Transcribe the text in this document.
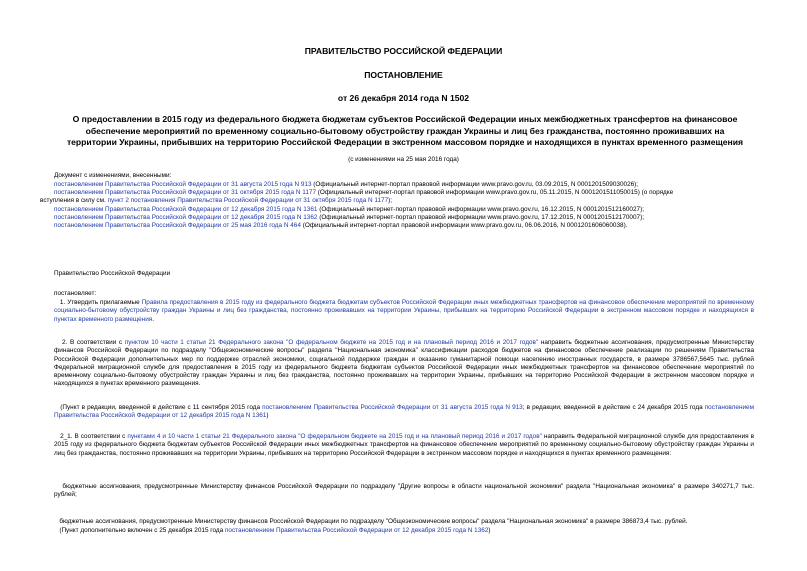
ПРАВИТЕЛЬСТВО РОССИЙСКОЙ ФЕДЕРАЦИИ
ПОСТАНОВЛЕНИЕ
от 26 декабря 2014 года N 1502
О предоставлении в 2015 году из федерального бюджета бюджетам субъектов Российской Федерации иных межбюджетных трансфертов на финансовое обеспечение мероприятий по временному социально-бытовому обустройству граждан Украины и лиц без гражданства, постоянно проживавших на территории Украины, прибывших на территорию Российской Федерации в экстренном массовом порядке и находящихся в пунктах временного размещения
(с изменениями на 25 мая 2016 года)
Документ с изменениями, внесенными:
постановлением Правительства Российской Федерации от 31 августа 2015 года N 913 (Официальный интернет-портал правовой информации www.pravo.gov.ru, 03.09.2015, N 0001201509030026);
постановлением Правительства Российской Федерации от 31 октября 2015 года N 1177 (Официальный интернет-портал правовой информации www.pravo.gov.ru, 05.11.2015, N 0001201511050015) (о порядке
вступления в силу см. пункт 2 постановления Правительства Российской Федерации от 31 октября 2015 года N 1177);
постановлением Правительства Российской Федерации от 12 декабря 2015 года N 1361 (Официальный интернет-портал правовой информации www.pravo.gov.ru, 16.12.2015, N 0001201512160027);
постановлением Правительства Российской Федерации от 12 декабря 2015 года N 1362 (Официальный интернет-портал правовой информации www.pravo.gov.ru, 17.12.2015, N 0001201512170007);
постановлением Правительства Российской Федерации от 25 мая 2016 года N 464 (Официальный интернет-портал правовой информации www.pravo.gov.ru, 06.06.2016, N 0001201606060038).
Правительство Российской Федерации
постановляет:
1. Утвердить прилагаемые Правила предоставления в 2015 году из федерального бюджета бюджетам субъектов Российской Федерации иных межбюджетных трансфертов на финансовое обеспечение мероприятий по временному социально-бытовому обустройству граждан Украины и лиц без гражданства, постоянно проживавших на территории Украины, прибывших на территорию Российской Федерации в экстренном массовом порядке и находящихся в пунктах временного размещения.
2. В соответствии с пунктом 10 части 1 статьи 21 Федерального закона "О федеральном бюджете на 2015 год и на плановый период 2016 и 2017 годов" направить бюджетные ассигнования, предусмотренные Министерству финансов Российской Федерации по подразделу "Общеэкономические вопросы" раздела "Национальная экономика" классификации расходов бюджетов на финансовое обеспечение реализации по решениям Правительства Российской Федерации дополнительных мер по поддержке отраслей экономики, социальной поддержке граждан и оказанию гуманитарной помощи населению иностранных государств, в размере 3786567,5645 тыс. рублей Федеральной миграционной службе для предоставления в 2015 году из федерального бюджета бюджетам субъектов Российской Федерации иных межбюджетных трансфертов на финансовое обеспечение мероприятий по временному социально-бытовому обустройству граждан Украины и лиц без гражданства, постоянно проживавших на территории Украины, прибывших на территорию Российской Федерации в экстренном массовом порядке и находящихся в пунктах временного размещения.
(Пункт в редакции, введенной в действие с 11 сентября 2015 года постановлением Правительства Российской Федерации от 31 августа 2015 года N 913; в редакции, введенной в действие с 24 декабря 2015 года постановлением Правительства Российской Федерации от 12 декабря 2015 года N 1361)
2_1. В соответствии с пунктами 4 и 10 части 1 статьи 21 Федерального закона "О федеральном бюджете на 2015 год и на плановый период 2016 и 2017 годов" направить Федеральной миграционной службе для предоставления в 2015 году из федерального бюджета бюджетам субъектов Российской Федерации иных межбюджетных трансфертов на финансовое обеспечение мероприятий по временному социально-бытовому обустройству граждан Украины и лиц без гражданства, постоянно проживавших на территории Украины, прибывших на территорию Российской Федерации в экстренном массовом порядке и находящихся в пунктах временного размещения:
бюджетные ассигнования, предусмотренные Министерству финансов Российской Федерации по подразделу "Другие вопросы в области национальной экономики" раздела "Национальная экономика" в размере 340271,7 тыс. рублей;
бюджетные ассигнования, предусмотренные Министерству финансов Российской Федерации по подразделу "Общеэкономические вопросы" раздела "Национальная экономика" в размере 386873,4 тыс. рублей.
(Пункт дополнительно включен с 25 декабря 2015 года постановлением Правительства Российской Федерации от 12 декабря 2015 года N 1362)
